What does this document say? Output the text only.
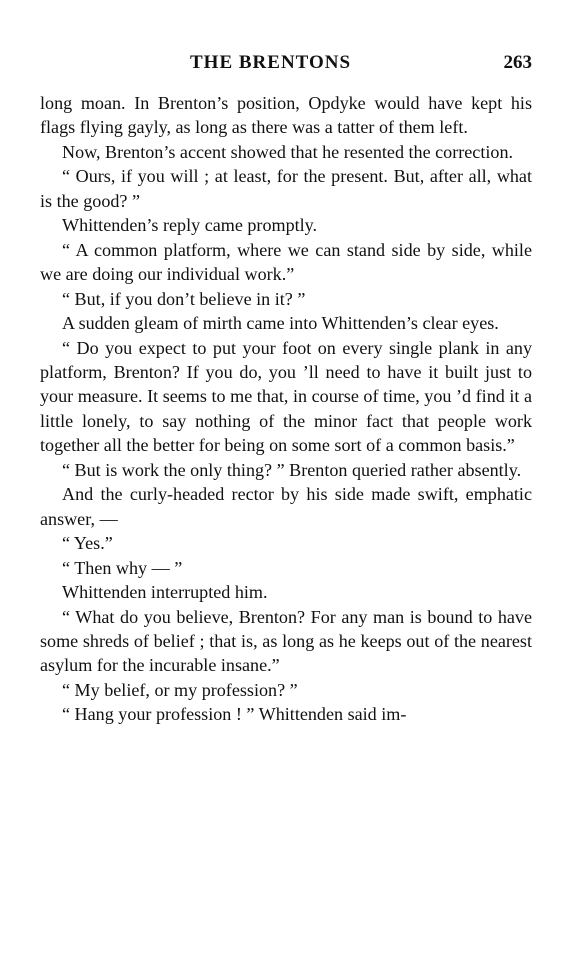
THE BRENTONS	263

long moan. In Brenton’s position, Opdyke would have kept his flags flying gayly, as long as there was a tatter of them left.

Now, Brenton’s accent showed that he resented the correction.

“ Ours, if you will ; at least, for the present. But, after all, what is the good? ”

Whittenden’s reply came promptly.

“ A common platform, where we can stand side by side, while we are doing our individual work.”

“ But, if you don’t believe in it? ”

A sudden gleam of mirth came into Whittenden’s clear eyes.

“ Do you expect to put your foot on every single plank in any platform, Brenton? If you do, you ’ll need to have it built just to your measure. It seems to me that, in course of time, you ’d find it a little lonely, to say nothing of the minor fact that people work together all the better for being on some sort of a common basis.”

“ But is work the only thing? ” Brenton queried rather absently.

And the curly-headed rector by his side made swift, emphatic answer, —

“ Yes.”

“ Then why — ”

Whittenden interrupted him.

“ What do you believe, Brenton? For any man is bound to have some shreds of belief ; that is, as long as he keeps out of the nearest asylum for the incurable insane.”

“ My belief, or my profession? ”

“ Hang your profession ! ” Whittenden said im-
